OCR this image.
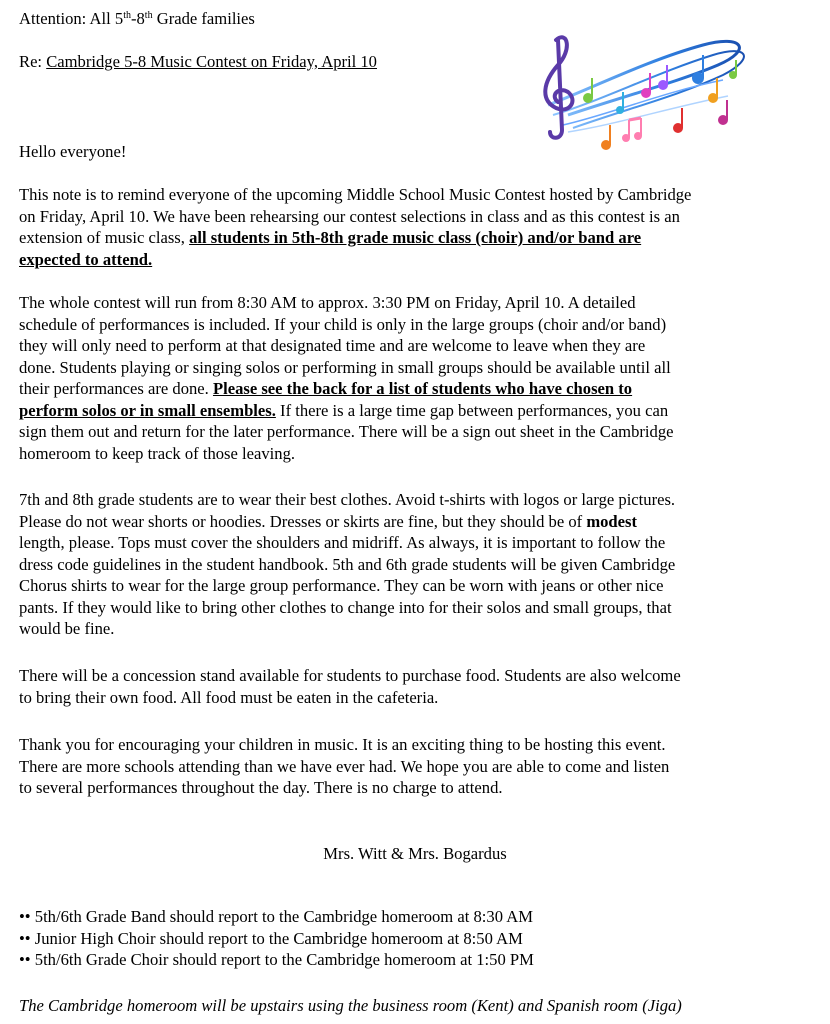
Attention: All 5th-8th Grade families
Re: Cambridge 5-8 Music Contest on Friday, April 10
Hello everyone!
This note is to remind everyone of the upcoming Middle School Music Contest hosted by Cambridge
on Friday, April 10. We have been rehearsing our contest selections in class and as this contest is an
extension of music class, all students in 5th-8th grade music class (choir) and/or band are
expected to attend.
The whole contest will run from 8:30 AM to approx. 3:30 PM on Friday, April 10. A detailed
schedule of performances is included. If your child is only in the large groups (choir and/or band)
they will only need to perform at that designated time and are welcome to leave when they are
done. Students playing or singing solos or performing in small groups should be available until all
their performances are done. Please see the back for a list of students who have chosen to
perform solos or in small ensembles. If there is a large time gap between performances, you can
sign them out and return for the later performance. There will be a sign out sheet in the Cambridge
homeroom to keep track of those leaving.
7th and 8th grade students are to wear their best clothes. Avoid t-shirts with logos or large pictures.
Please do not wear shorts or hoodies. Dresses or skirts are fine, but they should be of modest
length, please. Tops must cover the shoulders and midriff. As always, it is important to follow the
dress code guidelines in the student handbook. 5th and 6th grade students will be given Cambridge
Chorus shirts to wear for the large group performance. They can be worn with jeans or other nice
pants. If they would like to bring other clothes to change into for their solos and small groups, that
would be fine.
There will be a concession stand available for students to purchase food. Students are also welcome
to bring their own food. All food must be eaten in the cafeteria.
Thank you for encouraging your children in music. It is an exciting thing to be hosting this event.
There are more schools attending than we have ever had. We hope you are able to come and listen
to several performances throughout the day. There is no charge to attend.
Mrs. Witt & Mrs. Bogardus
•• 5th/6th Grade Band should report to the Cambridge homeroom at 8:30 AM
•• Junior High Choir should report to the Cambridge homeroom at 8:50 AM
•• 5th/6th Grade Choir should report to the Cambridge homeroom at 1:50 PM
The Cambridge homeroom will be upstairs using the business room (Kent) and Spanish room (Jiga)
